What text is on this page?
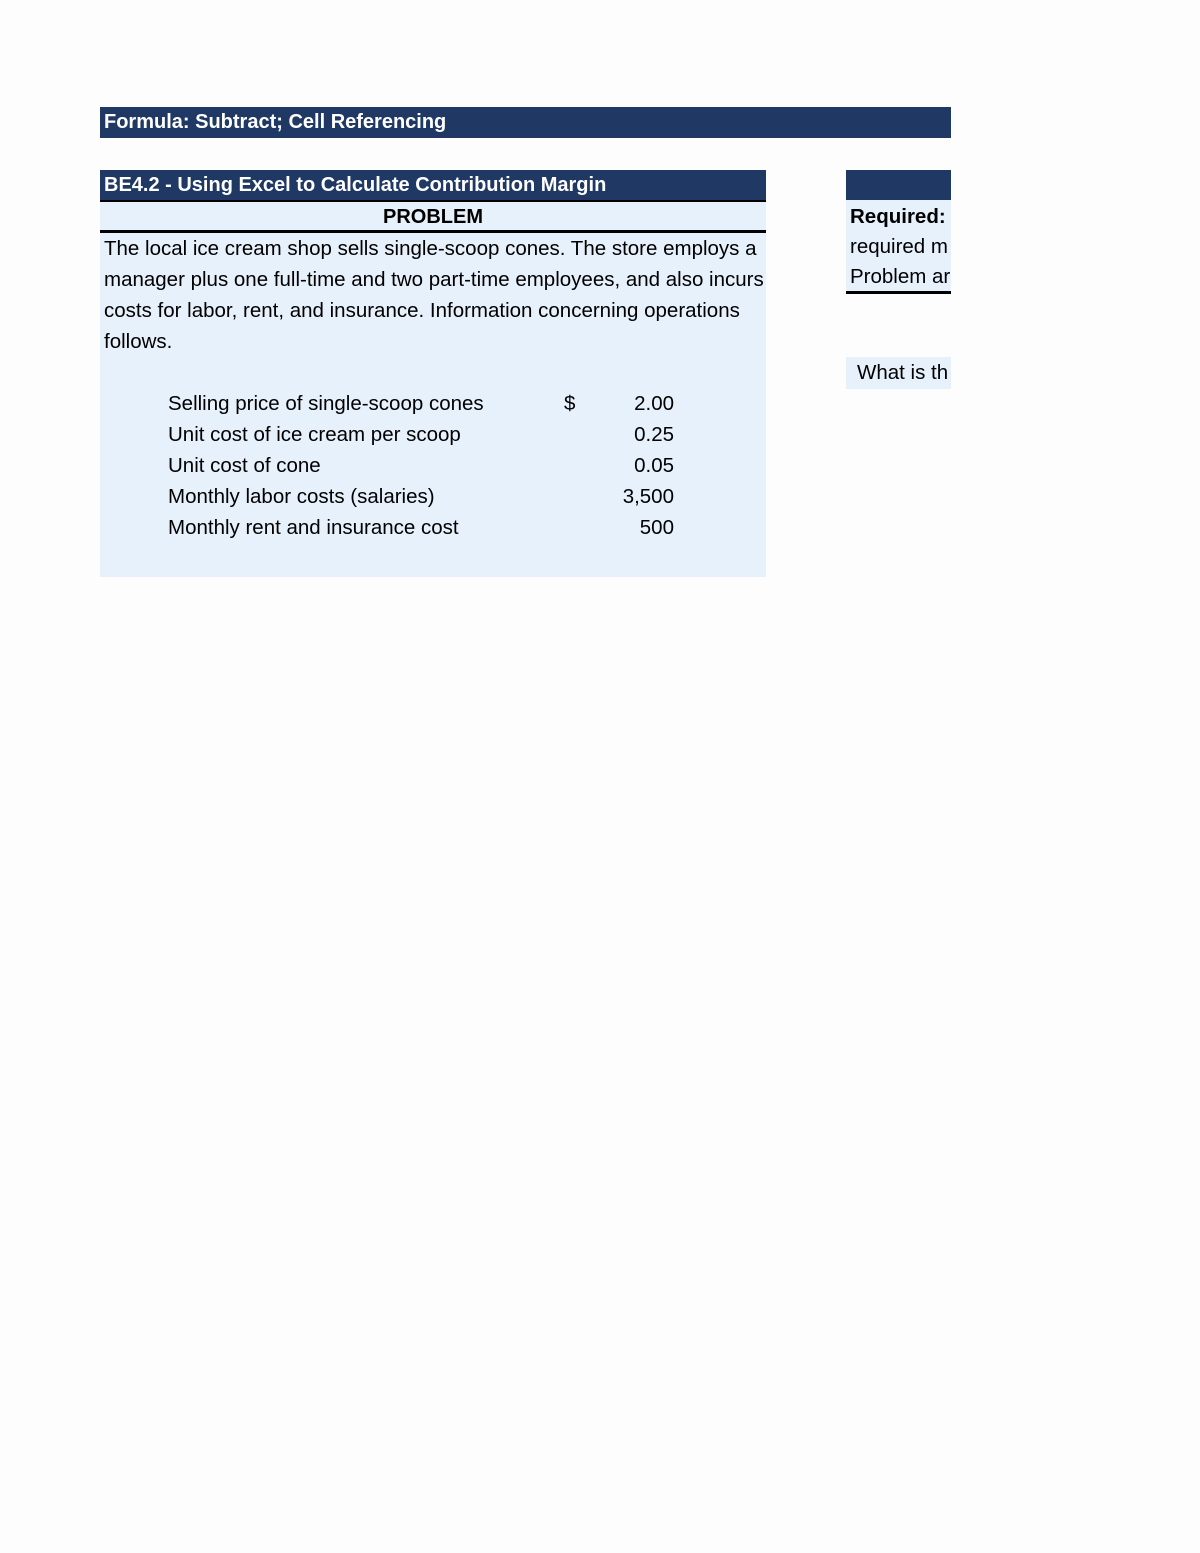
Formula: Subtract; Cell Referencing
BE4.2 - Using Excel to Calculate Contribution Margin
PROBLEM

The local ice cream shop sells single-scoop cones. The store employs a manager plus one full-time and two part-time employees, and also incurs costs for labor, rent, and insurance. Information concerning operations follows.

Selling price of single-scoop cones	$	2.00
Unit cost of ice cream per scoop		0.25
Unit cost of cone		0.05
Monthly labor costs (salaries)		3,500
Monthly rent and insurance cost		500
Required:
required m
Problem ar
What is th
